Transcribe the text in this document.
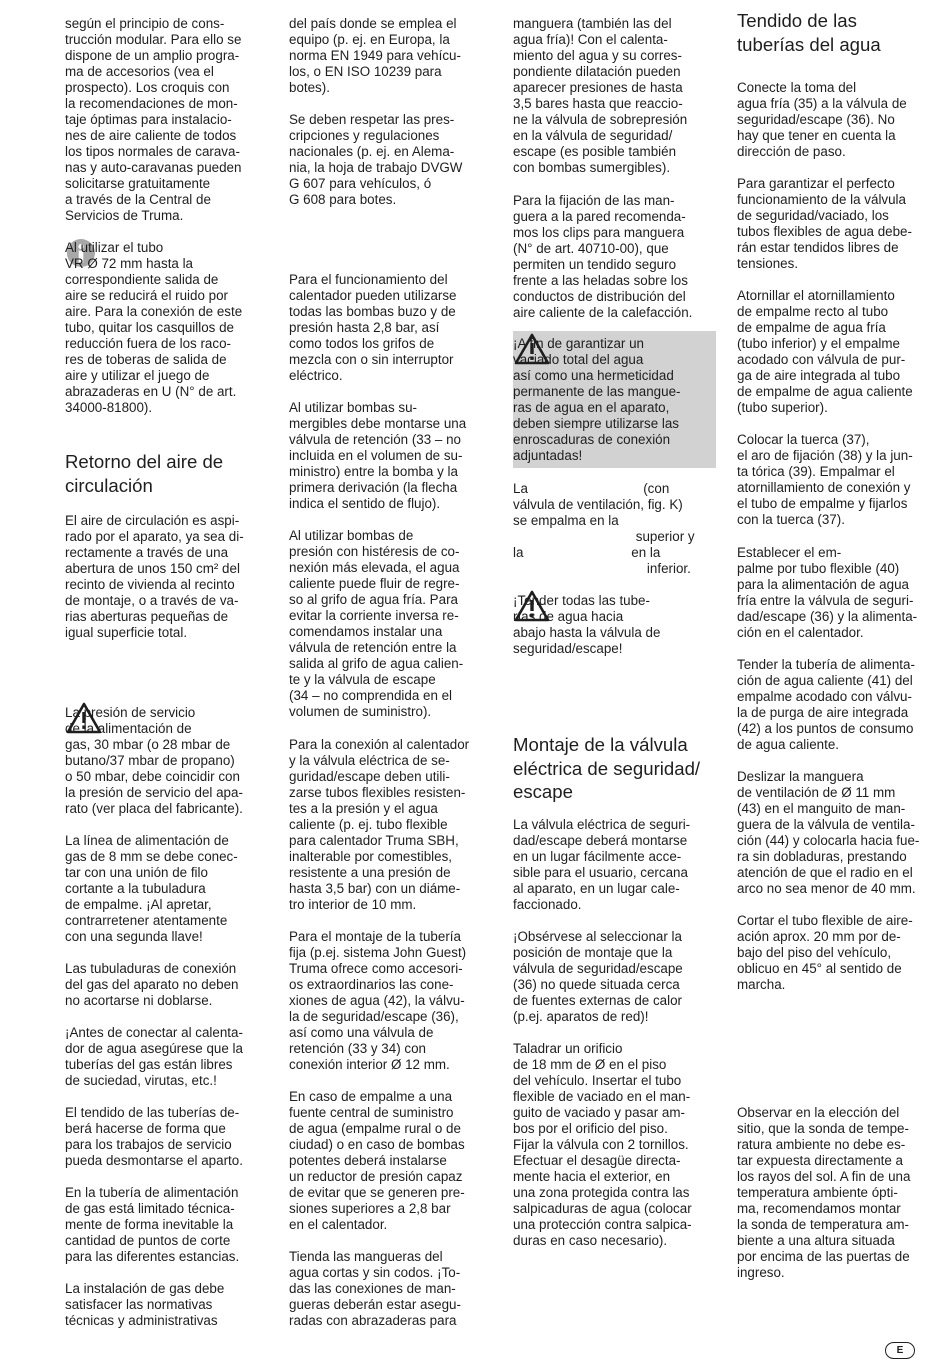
según el principio de cons-
trucción modular. Para ello se
dispone de un amplio progra-
ma de accesorios (vea el
prospecto). Los croquis con
la recomendaciones de mon-
taje óptimas para instalacio-
nes de aire caliente de todos
los tipos normales de carava-
nas y auto-caravanas pueden
solicitarse gratuitamente
a través de la Central de
Servicios de Truma.
Al utilizar el tubo
VR Ø 72 mm hasta la
correspondiente salida de
aire se reducirá el ruido por
aire. Para la conexión de este
tubo, quitar los casquillos de
reducción fuera de los raco-
res de toberas de salida de
aire y utilizar el juego de
abrazaderas en U (N° de art.
34000-81800).
Retorno del aire de
circulación
El aire de circulación es aspi-
rado por el aparato, ya sea di-
rectamente a través de una
abertura de unos 150 cm² del
recinto de vivienda al recinto
de montaje, o a través de va-
rias aberturas pequeñas de
igual superficie total.
La presión de servicio
de la alimentación de
gas, 30 mbar (o 28 mbar de
butano/37 mbar de propano)
o 50 mbar, debe coincidir con
la presión de servicio del apa-
rato (ver placa del fabricante).
La línea de alimentación de
gas de 8 mm se debe conec-
tar con una unión de filo
cortante a la tubuladura
de empalme. ¡Al apretar,
contrarretener atentamente
con una segunda llave!
Las tubuladuras de conexión
del gas del aparato no deben
no acortarse ni doblarse.
¡Antes de conectar al calenta-
dor de agua asegúrese que la
tuberías del gas están libres
de suciedad, virutas, etc.!
El tendido de las tuberías de-
berá hacerse de forma que
para los trabajos de servicio
pueda desmontarse el aparto.
En la tubería de alimentación
de gas está limitado técnica-
mente de forma inevitable la
cantidad de puntos de corte
para las diferentes estancias.
La instalación de gas debe
satisfacer las normativas
técnicas y administrativas
del país donde se emplea el
equipo (p. ej. en Europa, la
norma EN 1949 para vehícu-
los, o EN ISO 10239 para
botes).
Se deben respetar las pres-
cripciones y regulaciones
nacionales (p. ej. en Alema-
nia, la hoja de trabajo DVGW
G 607 para vehículos, ó
G 608 para botes.
Para el funcionamiento del
calentador pueden utilizarse
todas las bombas buzo y de
presión hasta 2,8 bar, así
como todos los grifos de
mezcla con o sin interruptor
eléctrico.
Al utilizar bombas su-
mergibles debe montarse una
válvula de retención (33 – no
incluida en el volumen de su-
ministro) entre la bomba y la
primera derivación (la flecha
indica el sentido de flujo).
Al utilizar bombas de
presión con histéresis de co-
nexión más elevada, el agua
caliente puede fluir de regre-
so al grifo de agua fría. Para
evitar la corriente inversa re-
comendamos instalar una
válvula de retención entre la
salida al grifo de agua calien-
te y la válvula de escape
(34 – no comprendida en el
volumen de suministro).
Para la conexión al calentador
y la válvula eléctrica de se-
guridad/escape deben utili-
zarse tubos flexibles resisten-
tes a la presión y el agua
caliente (p. ej. tubo flexible
para calentador Truma SBH,
inalterable por comestibles,
resistente a una presión de
hasta 3,5 bar) con un diáme-
tro interior de 10 mm.
Para el montaje de la tubería
fija (p.ej. sistema John Guest)
Truma ofrece como accesori-
os extraordinarios las cone-
xiones de agua (42), la válvu-
la de seguridad/escape (36),
así como una válvula de
retención (33 y 34) con
conexión interior Ø 12 mm.
En caso de empalme a una
fuente central de suministro
de agua (empalme rural o de
ciudad) o en caso de bombas
potentes deberá instalarse
un reductor de presión capaz
de evitar que se generen pre-
siones superiores a 2,8 bar
en el calentador.
Tienda las mangueras del
agua cortas y sin codos. ¡To-
das las conexiones de man-
gueras deberán estar asegu-
radas con abrazaderas para
manguera (también las del
agua fría)! Con el calenta-
miento del agua y su corres-
pondiente dilatación pueden
aparecer presiones de hasta
3,5 bares hasta que reaccio-
ne la válvula de sobrepresión
en la válvula de seguridad/
escape (es posible también
con bombas sumergibles).
Para la fijación de las man-
guera a la pared recomenda-
mos los clips para manguera
(N° de art. 40710-00), que
permiten un tendido seguro
frente a las heladas sobre los
conductos de distribución del
aire caliente de la calefacción.
¡A fin de garantizar un
vaciado total del agua
así como una hermeticidad
permanente de las mangue-
ras de agua en el aparato,
deben siempre utilizarse las
enroscaduras de conexión
adjuntadas!
La                               (con
válvula de ventilación, fig. K)
se empalma en la
superior y
la                             en la
inferior.
¡Tender todas las tube-
rías de agua hacia
abajo hasta la válvula de
seguridad/escape!
Montaje de la válvula
eléctrica de seguridad/
escape
La válvula eléctrica de seguri-
dad/escape deberá montarse
en un lugar fácilmente acce-
sible para el usuario, cercana
al aparato, en un lugar cale-
faccionado.
¡Obsérvese al seleccionar la
posición de montaje que la
válvula de seguridad/escape
(36) no quede situada cerca
de fuentes externas de calor
(p.ej. aparatos de red)!
Taladrar un orificio
de 18 mm de Ø en el piso
del vehículo. Insertar el tubo
flexible de vaciado en el man-
guito de vaciado y pasar am-
bos por el orificio del piso.
Fijar la válvula con 2 tornillos.
Efectuar el desagüe directa-
mente hacia el exterior, en
una zona protegida contra las
salpicaduras de agua (colocar
una protección contra salpica-
duras en caso necesario).
Tendido de las
tuberías del agua
Conecte la toma del
agua fría (35) a la válvula de
seguridad/escape (36). No
hay que tener en cuenta la
dirección de paso.
Para garantizar el perfecto
funcionamiento de la válvula
de seguridad/vaciado, los
tubos flexibles de agua debe-
rán estar tendidos libres de
tensiones.
Atornillar el atornillamiento
de empalme recto al tubo
de empalme de agua fría
(tubo inferior) y el empalme
acodado con válvula de pur-
ga de aire integrada al tubo
de empalme de agua caliente
(tubo superior).
Colocar la tuerca (37),
el aro de fijación (38) y la jun-
ta tórica (39). Empalmar el
atornillamiento de conexión y
el tubo de empalme y fijarlos
con la tuerca (37).
Establecer el em-
palme por tubo flexible (40)
para la alimentación de agua
fría entre la válvula de seguri-
dad/escape (36) y la alimenta-
ción en el calentador.
Tender la tubería de alimenta-
ción de agua caliente (41) del
empalme acodado con válvu-
la de purga de aire integrada
(42) a los puntos de consumo
de agua caliente.
Deslizar la manguera
de ventilación de Ø 11 mm
(43) en el manguito de man-
guera de la válvula de ventila-
ción (44) y colocarla hacia fue-
ra sin dobladuras, prestando
atención de que el radio en el
arco no sea menor de 40 mm.
Cortar el tubo flexible de aire-
ación aprox. 20 mm por de-
bajo del piso del vehículo,
oblicuo en 45° al sentido de
marcha.
Observar en la elección del
sitio, que la sonda de tempe-
ratura ambiente no debe es-
tar expuesta directamente a
los rayos del sol. A fin de una
temperatura ambiente ópti-
ma, recomendamos montar
la sonda de temperatura am-
biente a una altura situada
por encima de las puertas de
ingreso.
E
